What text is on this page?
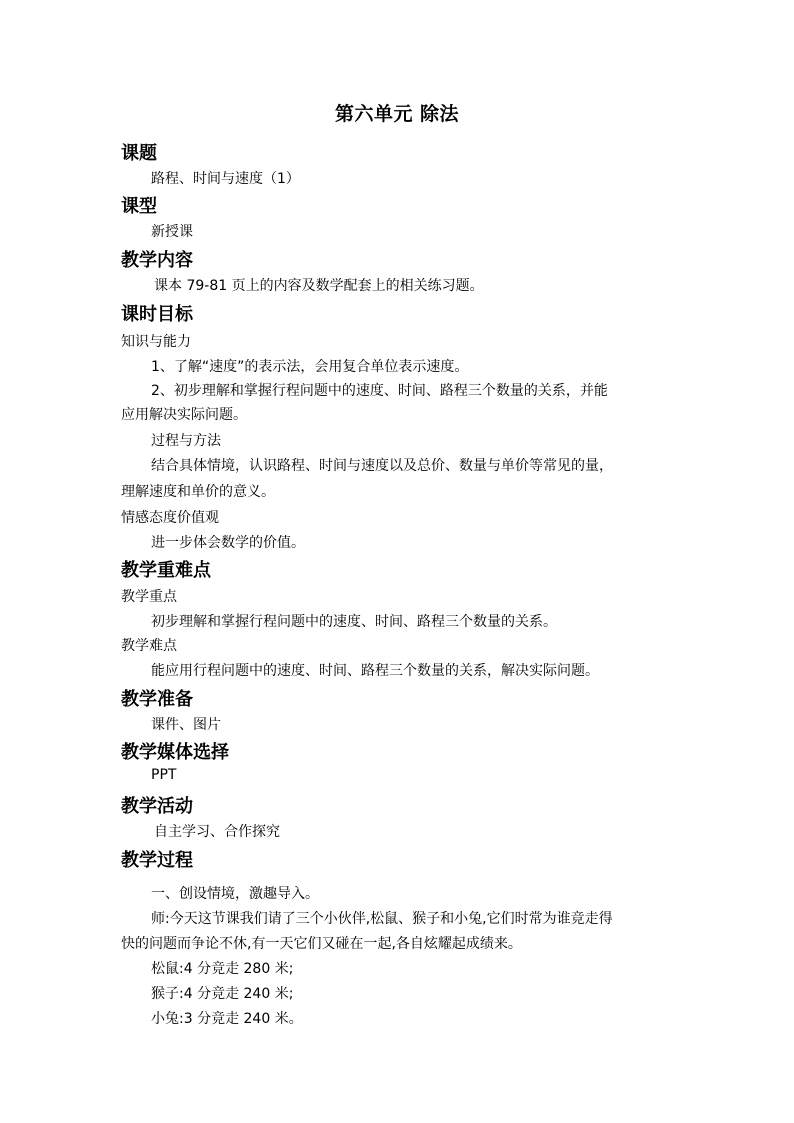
第六单元 除法
课题
路程、时间与速度（1）
课型
新授课
教学内容
课本 79-81 页上的内容及数学配套上的相关练习题。
课时目标
知识与能力
1、了解“速度”的表示法，会用复合单位表示速度。
2、初步理解和掌握行程问题中的速度、时间、路程三个数量的关系，并能
应用解决实际问题。
过程与方法
结合具体情境，认识路程、时间与速度以及总价、数量与单价等常见的量，
理解速度和单价的意义。
情感态度价值观
进一步体会数学的价值。
教学重难点
教学重点
初步理解和掌握行程问题中的速度、时间、路程三个数量的关系。
教学难点
能应用行程问题中的速度、时间、路程三个数量的关系，解决实际问题。
教学准备
课件、图片
教学媒体选择
PPT
教学活动
自主学习、合作探究
教学过程
一、创设情境，激趣导入。
师:今天这节课我们请了三个小伙伴,松鼠、猴子和小兔,它们时常为谁竞走得
快的问题而争论不休,有一天它们又碰在一起,各自炫耀起成绩来。
松鼠:4 分竞走 280 米;
猴子:4 分竞走 240 米;
小兔:3 分竞走 240 米。
